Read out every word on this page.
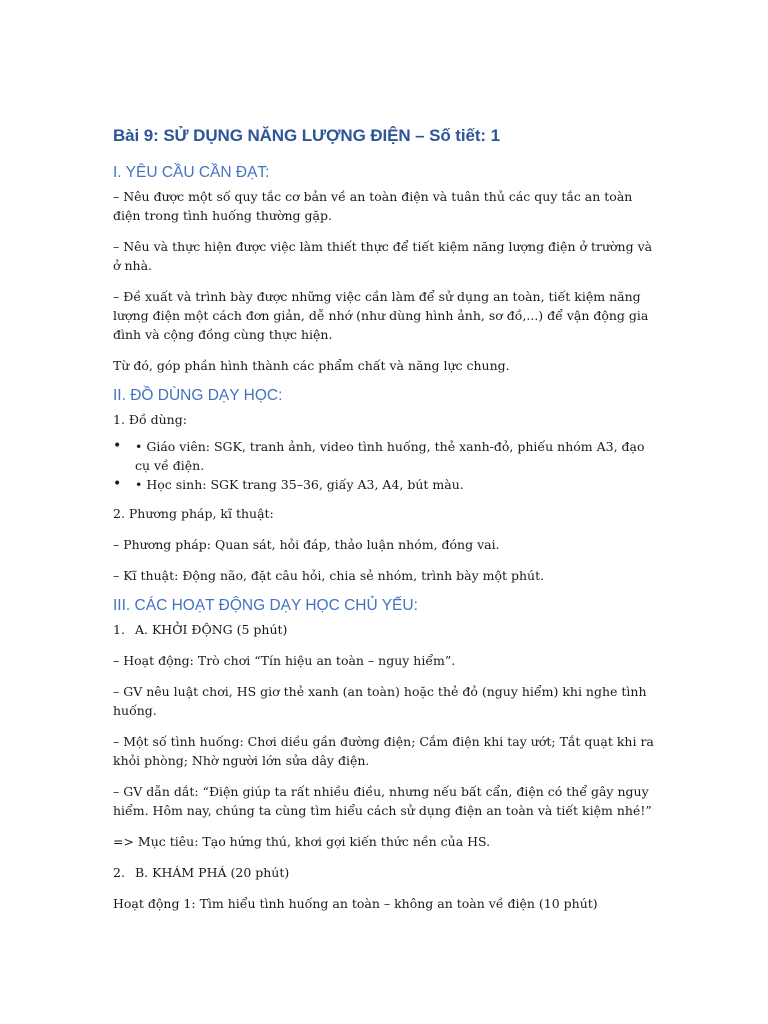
Bài 9: SỬ DỤNG NĂNG LƯỢNG ĐIỆN – Số tiết: 1
I. YÊU CẦU CẦN ĐẠT:

– Nêu được một số quy tắc cơ bản về an toàn điện và tuân thủ các quy tắc an toàn điện trong tình huống thường gặp.

– Nêu và thực hiện được việc làm thiết thực để tiết kiệm năng lượng điện ở trường và ở nhà.

– Đề xuất và trình bày được những việc cần làm để sử dụng an toàn, tiết kiệm năng lượng điện một cách đơn giản, dễ nhớ (như dùng hình ảnh, sơ đồ,...) để vận động gia đình và cộng đồng cùng thực hiện.

Từ đó, góp phần hình thành các phẩm chất và năng lực chung.

II. ĐỒ DÙNG DẠY HỌC:

1. Đồ dùng:

• • Giáo viên: SGK, tranh ảnh, video tình huống, thẻ xanh-đỏ, phiếu nhóm A3, đạo cụ về điện.
• • Học sinh: SGK trang 35–36, giấy A3, A4, bút màu.

2. Phương pháp, kĩ thuật:

– Phương pháp: Quan sát, hỏi đáp, thảo luận nhóm, đóng vai.

– Kĩ thuật: Động não, đặt câu hỏi, chia sẻ nhóm, trình bày một phút.

III. CÁC HOẠT ĐỘNG DẠY HỌC CHỦ YẾU:
1. A. KHỞI ĐỘNG (5 phút)

– Hoạt động: Trò chơi “Tín hiệu an toàn – nguy hiểm”.

– GV nêu luật chơi, HS giơ thẻ xanh (an toàn) hoặc thẻ đỏ (nguy hiểm) khi nghe tình huống.

– Một số tình huống: Chơi diều gần đường điện; Cắm điện khi tay ướt; Tắt quạt khi ra khỏi phòng; Nhờ người lớn sửa dây điện.

– GV dẫn dắt: “Điện giúp ta rất nhiều điều, nhưng nếu bất cẩn, điện có thể gây nguy hiểm. Hôm nay, chúng ta cùng tìm hiểu cách sử dụng điện an toàn và tiết kiệm nhé!”

=> Mục tiêu: Tạo hứng thú, khơi gợi kiến thức nền của HS.

2. B. KHÁM PHÁ (20 phút)

Hoạt động 1: Tìm hiểu tình huống an toàn – không an toàn về điện (10 phút)
